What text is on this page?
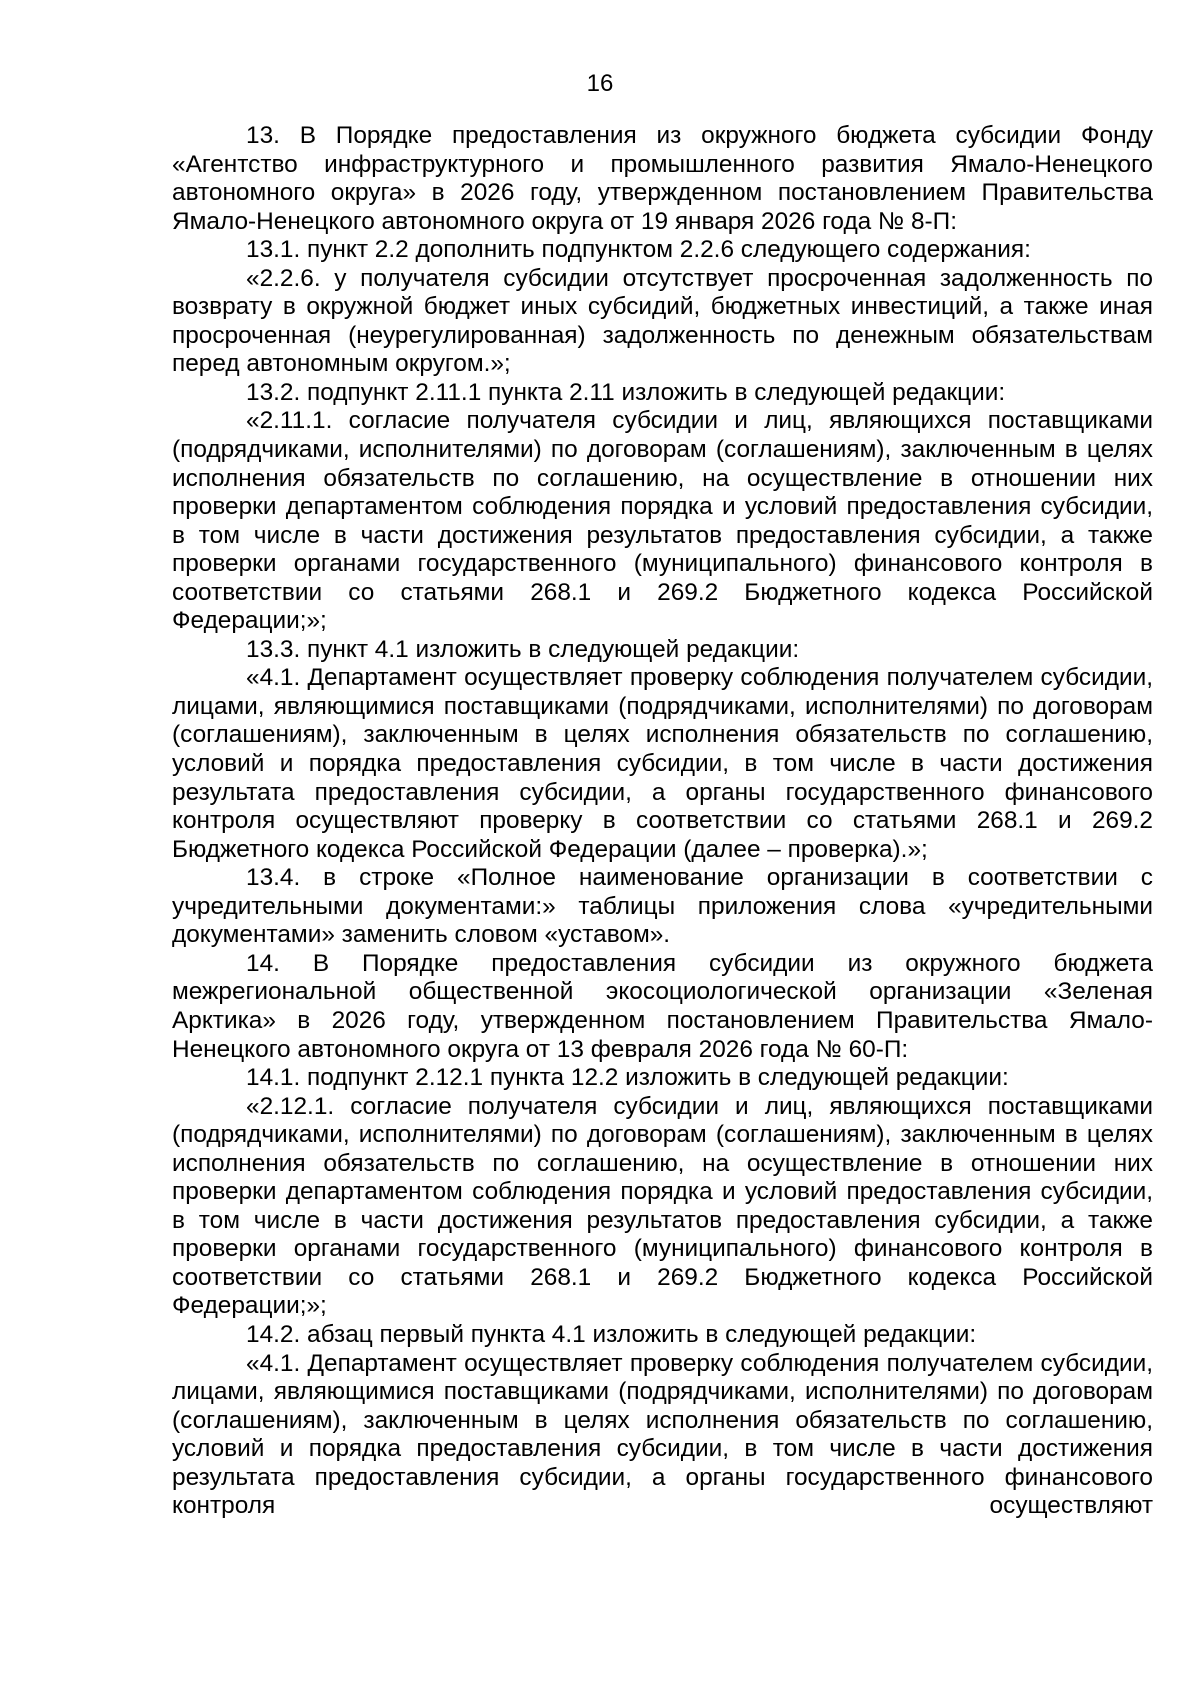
16

13. В Порядке предоставления из окружного бюджета субсидии Фонду «Агентство инфраструктурного и промышленного развития Ямало-Ненецкого автономного округа» в 2026 году, утвержденном постановлением Правительства Ямало-Ненецкого автономного округа от 19 января 2026 года № 8-П:

13.1. пункт 2.2 дополнить подпунктом 2.2.6 следующего содержания:

«2.2.6. у получателя субсидии отсутствует просроченная задолженность по возврату в окружной бюджет иных субсидий, бюджетных инвестиций, а также иная просроченная (неурегулированная) задолженность по денежным обязательствам перед автономным округом.»;

13.2. подпункт 2.11.1 пункта 2.11 изложить в следующей редакции:

«2.11.1. согласие получателя субсидии и лиц, являющихся поставщиками (подрядчиками, исполнителями) по договорам (соглашениям), заключенным в целях исполнения обязательств по соглашению, на осуществление в отношении них проверки департаментом соблюдения порядка и условий предоставления субсидии, в том числе в части достижения результатов предоставления субсидии, а также проверки органами государственного (муниципального) финансового контроля в соответствии со статьями 268.1 и 269.2 Бюджетного кодекса Российской Федерации;»;

13.3. пункт 4.1 изложить в следующей редакции:

«4.1. Департамент осуществляет проверку соблюдения получателем субсидии, лицами, являющимися поставщиками (подрядчиками, исполнителями) по договорам (соглашениям), заключенным в целях исполнения обязательств по соглашению, условий и порядка предоставления субсидии, в том числе в части достижения результата предоставления субсидии, а органы государственного финансового контроля осуществляют проверку в соответствии со статьями 268.1 и 269.2 Бюджетного кодекса Российской Федерации (далее – проверка).»;

13.4. в строке «Полное наименование организации в соответствии с учредительными документами:» таблицы приложения слова «учредительными документами» заменить словом «уставом».

14. В Порядке предоставления субсидии из окружного бюджета межрегиональной общественной экосоциологической организации «Зеленая Арктика» в 2026 году, утвержденном постановлением Правительства Ямало-Ненецкого автономного округа от 13 февраля 2026 года № 60-П:

14.1. подпункт 2.12.1 пункта 12.2 изложить в следующей редакции:

«2.12.1. согласие получателя субсидии и лиц, являющихся поставщиками (подрядчиками, исполнителями) по договорам (соглашениям), заключенным в целях исполнения обязательств по соглашению, на осуществление в отношении них проверки департаментом соблюдения порядка и условий предоставления субсидии, в том числе в части достижения результатов предоставления субсидии, а также проверки органами государственного (муниципального) финансового контроля в соответствии со статьями 268.1 и 269.2 Бюджетного кодекса Российской Федерации;»;

14.2. абзац первый пункта 4.1 изложить в следующей редакции:

«4.1. Департамент осуществляет проверку соблюдения получателем субсидии, лицами, являющимися поставщиками (подрядчиками, исполнителями) по договорам (соглашениям), заключенным в целях исполнения обязательств по соглашению, условий и порядка предоставления субсидии, в том числе в части достижения результата предоставления субсидии, а органы государственного финансового контроля осуществляют
